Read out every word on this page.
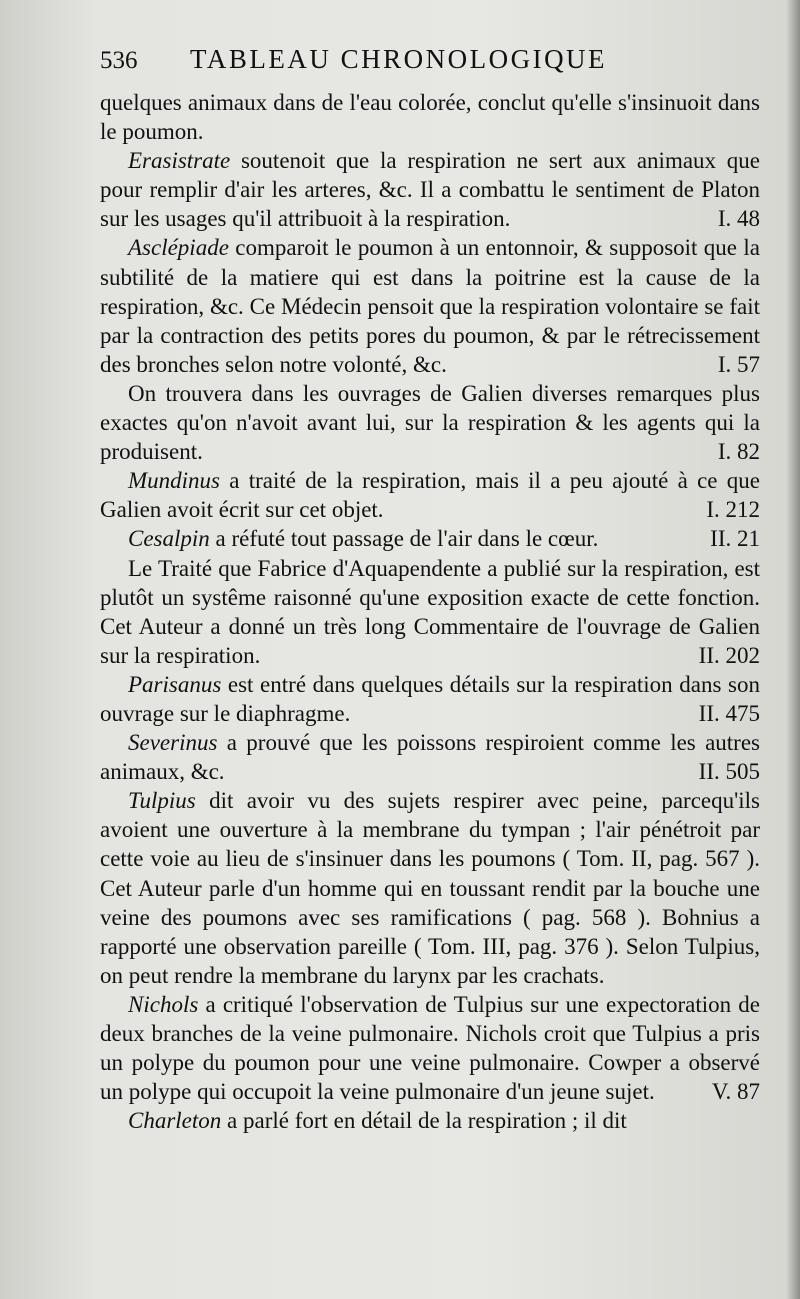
536	TABLEAU CHRONOLOGIQUE

quelques animaux dans de l'eau colorée, conclut qu'elle s'insinuoit dans le poumon.

Erasistrate soutenoit que la respiration ne sert aux animaux que pour remplir d'air les arteres, &c. Il a combattu le sentiment de Platon sur les usages qu'il attribuoit à la respiration.	I. 48

Asclépiade comparoit le poumon à un entonnoir, & supposoit que la subtilité de la matiere qui est dans la poitrine est la cause de la respiration, &c. Ce Médecin pensoit que la respiration volontaire se fait par la contraction des petits pores du poumon, & par le rétrecissement des bronches selon notre volonté, &c.	I. 57

On trouvera dans les ouvrages de Galien diverses remarques plus exactes qu'on n'avoit avant lui, sur la respiration & les agents qui la produisent.	I. 82

Mundinus a traité de la respiration, mais il a peu ajouté à ce que Galien avoit écrit sur cet objet.	I. 212

Cesalpin a réfuté tout passage de l'air dans le cœur.	II. 21

Le Traité que Fabrice d'Aquapendente a publié sur la respiration, est plutôt un systême raisonné qu'une exposition exacte de cette fonction. Cet Auteur a donné un très long Commentaire de l'ouvrage de Galien sur la respiration.	II. 202

Parisanus est entré dans quelques détails sur la respiration dans son ouvrage sur le diaphragme.	II. 475

Severinus a prouvé que les poissons respiroient comme les autres animaux, &c.	II. 505

Tulpius dit avoir vu des sujets respirer avec peine, parcequ'ils avoient une ouverture à la membrane du tympan ; l'air pénétroit par cette voie au lieu de s'insinuer dans les poumons ( Tom. II, pag. 567 ). Cet Auteur parle d'un homme qui en toussant rendit par la bouche une veine des poumons avec ses ramifications ( pag. 568 ). Bohnius a rapporté une observation pareille ( Tom. III, pag. 376 ). Selon Tulpius, on peut rendre la membrane du larynx par les crachats.

Nichols a critiqué l'observation de Tulpius sur une expectoration de deux branches de la veine pulmonaire. Nichols croit que Tulpius a pris un polype du poumon pour une veine pulmonaire. Cowper a observé un polype qui occupoit la veine pulmonaire d'un jeune sujet. V. 87

Charleton a parlé fort en détail de la respiration ; il dit
